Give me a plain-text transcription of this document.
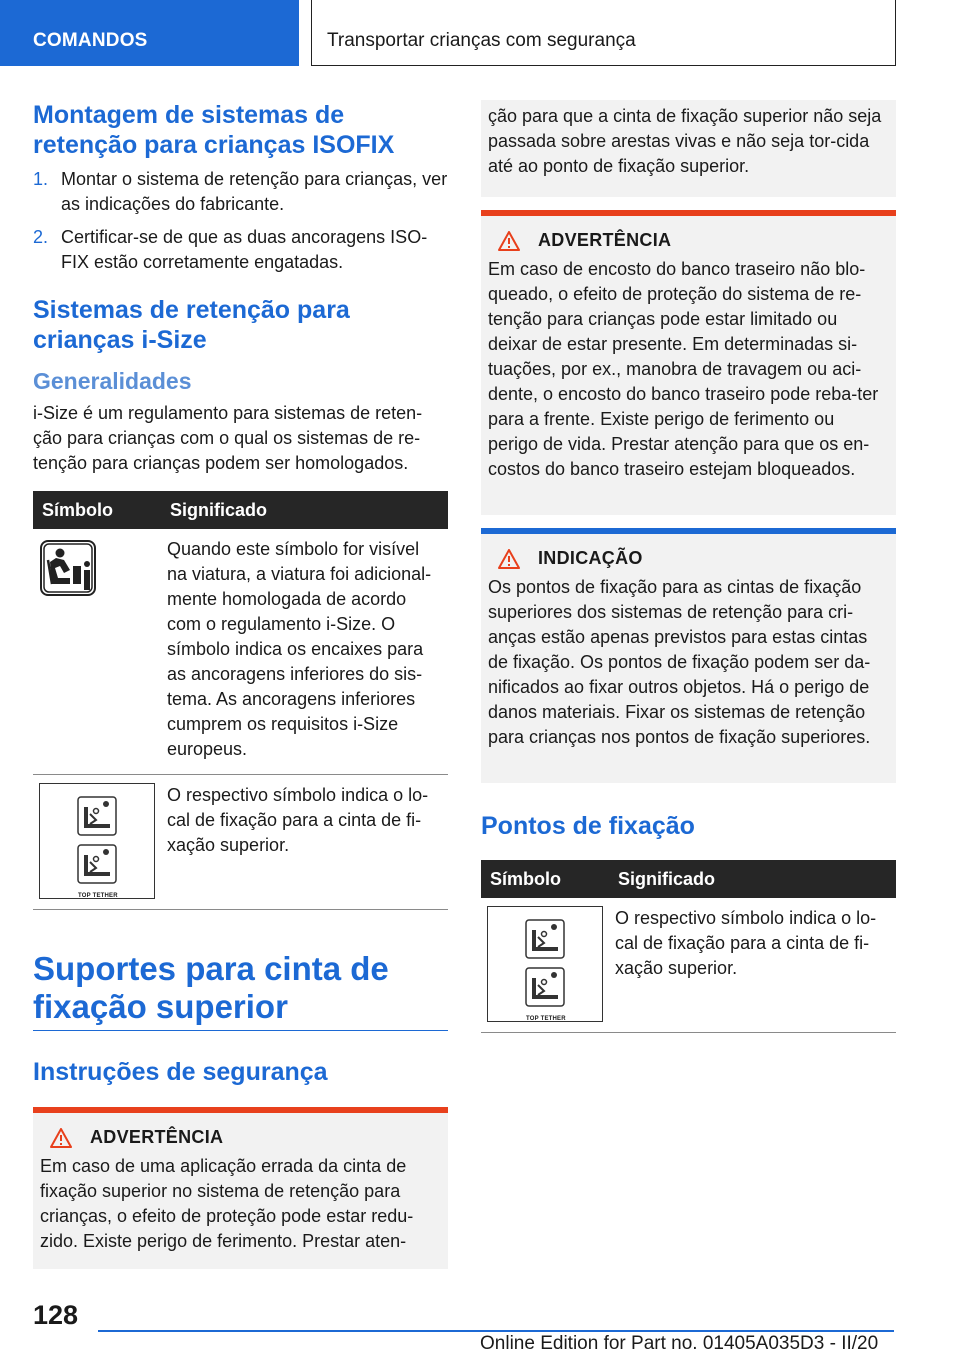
COMANDOS	Transportar crianças com segurança
Montagem de sistemas de retenção para crianças ISOFIX
1. Montar o sistema de retenção para crianças, ver as indicações do fabricante.
2. Certificar-se de que as duas ancoragens ISO-FIX estão corretamente engatadas.
Sistemas de retenção para crianças i-Size
Generalidades

i-Size é um regulamento para sistemas de reten-ção para crianças com o qual os sistemas de re-tenção para crianças podem ser homologados.

Símbolo	Significado

	Quando este símbolo for visível na viatura, a viatura foi adicional-mente homologada de acordo com o regulamento i-Size. O símbolo indica os encaixes para as ancoragens inferiores do sis-tema. As ancoragens inferiores cumprem os requisitos i-Size europeus.

TOP TETHER	O respectivo símbolo indica o lo-cal de fixação para a cinta de fi-xação superior.
Suportes para cinta de fixação superior
Instruções de segurança
ADVERTÊNCIA

Em caso de uma aplicação errada da cinta de fixação superior no sistema de retenção para crianças, o efeito de proteção pode estar redu-zido. Existe perigo de ferimento. Prestar aten-

ção para que a cinta de fixação superior não seja passada sobre arestas vivas e não seja tor-cida até ao ponto de fixação superior.

ADVERTÊNCIA

Em caso de encosto do banco traseiro não blo-queado, o efeito de proteção do sistema de re-tenção para crianças pode estar limitado ou deixar de estar presente. Em determinadas si-tuações, por ex., manobra de travagem ou aci-dente, o encosto do banco traseiro pode reba-ter para a frente. Existe perigo de ferimento ou perigo de vida. Prestar atenção para que os en-costos do banco traseiro estejam bloqueados.

INDICAÇÃO

Os pontos de fixação para as cintas de fixação superiores dos sistemas de retenção para cri-anças estão apenas previstos para estas cintas de fixação. Os pontos de fixação podem ser da-nificados ao fixar outros objetos. Há o perigo de danos materiais. Fixar os sistemas de retenção para crianças nos pontos de fixação superiores.

Pontos de fixação
Símbolo	Significado

TOP TETHER	O respectivo símbolo indica o lo-cal de fixação para a cinta de fi-xação superior.
128
Online Edition for Part no. 01405A035D3 - II/20
